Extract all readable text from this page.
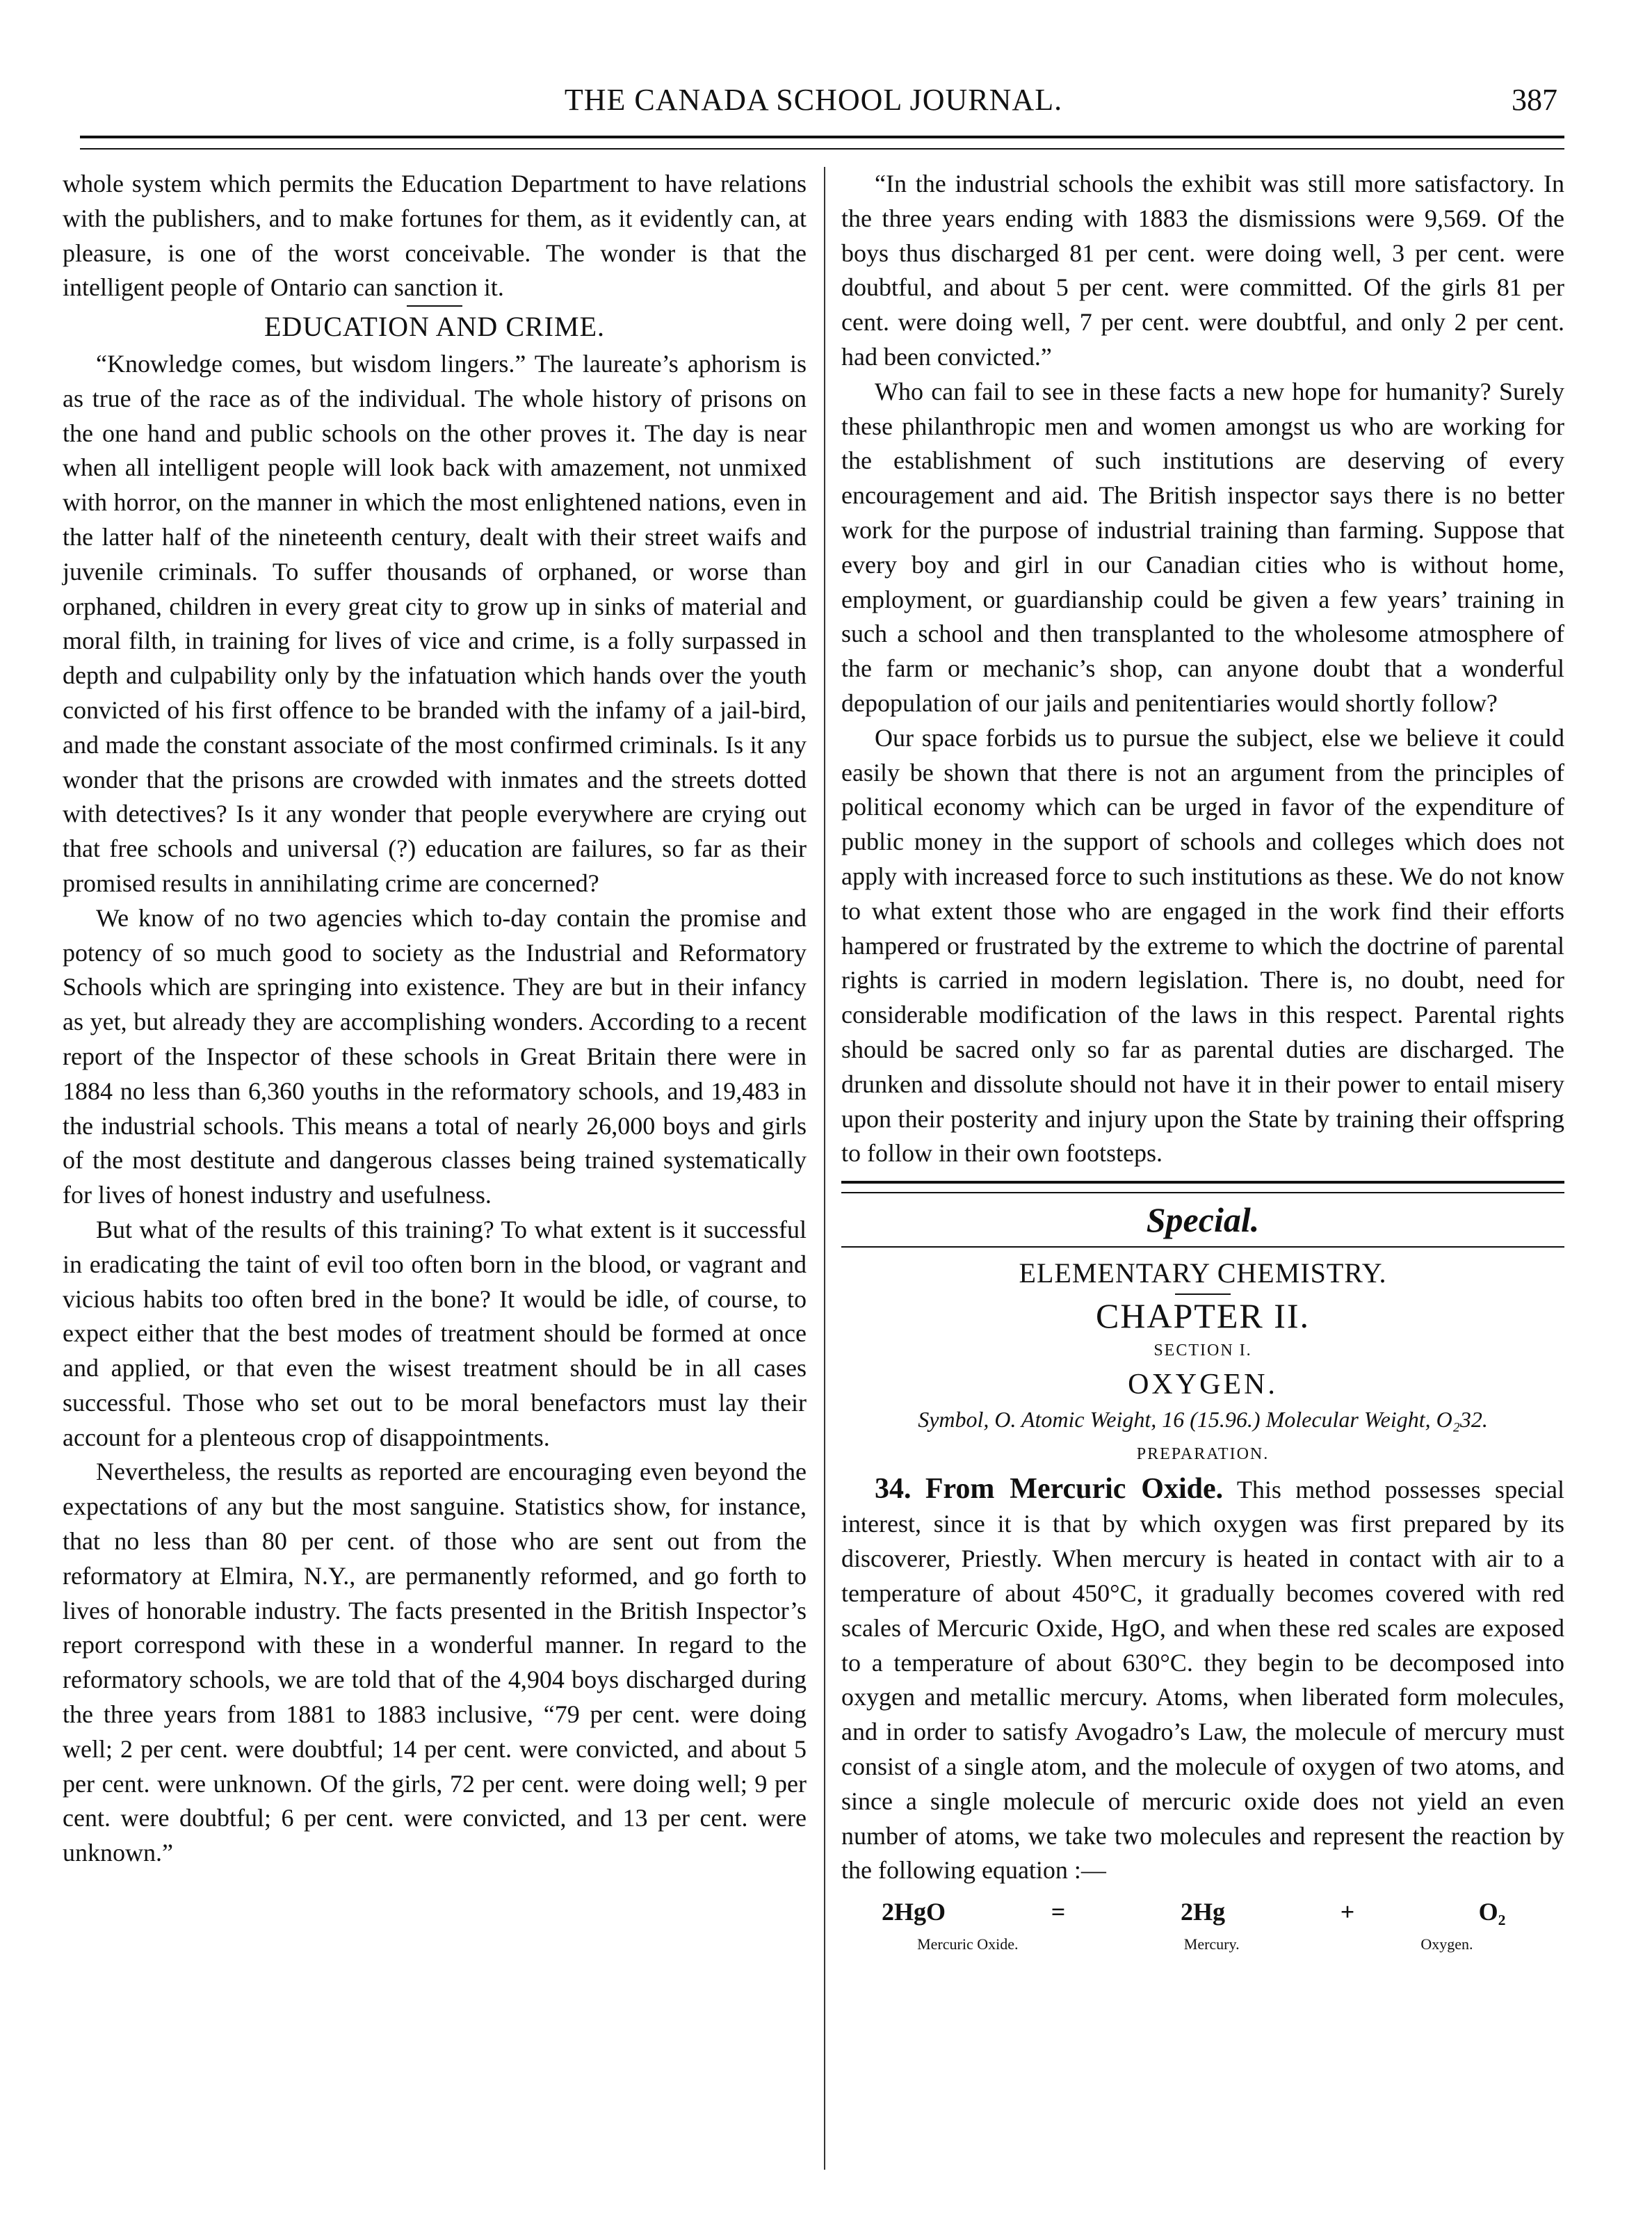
THE CANADA SCHOOL JOURNAL.	387

whole system which permits the Education Department to have relations with the publishers, and to make fortunes for them, as it evidently can, at pleasure, is one of the worst conceivable. The wonder is that the intelligent people of Ontario can sanction it.

EDUCATION AND CRIME.

“Knowledge comes, but wisdom lingers.” The laureate’s aphorism is as true of the race as of the individual. The whole history of prisons on the one hand and public schools on the other proves it. The day is near when all intelligent people will look back with amazement, not unmixed with horror, on the manner in which the most enlightened nations, even in the latter half of the nineteenth century, dealt with their street waifs and juvenile criminals. To suffer thousands of orphaned, or worse than orphaned, children in every great city to grow up in sinks of material and moral filth, in training for lives of vice and crime, is a folly surpassed in depth and culpability only by the infatuation which hands over the youth convicted of his first offence to be branded with the infamy of a jail-bird, and made the constant associate of the most confirmed criminals. Is it any wonder that the prisons are crowded with inmates and the streets dotted with detectives? Is it any wonder that people everywhere are crying out that free schools and universal (?) education are failures, so far as their promised results in annihilating crime are concerned?

We know of no two agencies which to-day contain the promise and potency of so much good to society as the Industrial and Reformatory Schools which are springing into existence. They are but in their infancy as yet, but already they are accomplishing wonders. According to a recent report of the Inspector of these schools in Great Britain there were in 1884 no less than 6,360 youths in the reformatory schools, and 19,483 in the industrial schools. This means a total of nearly 26,000 boys and girls of the most destitute and dangerous classes being trained systematically for lives of honest industry and usefulness.

But what of the results of this training? To what extent is it successful in eradicating the taint of evil too often born in the blood, or vagrant and vicious habits too often bred in the bone? It would be idle, of course, to expect either that the best modes of treatment should be formed at once and applied, or that even the wisest treatment should be in all cases successful. Those who set out to be moral benefactors must lay their account for a plenteous crop of disappointments.

Nevertheless, the results as reported are encouraging even beyond the expectations of any but the most sanguine. Statistics show, for instance, that no less than 80 per cent. of those who are sent out from the reformatory at Elmira, N.Y., are permanently reformed, and go forth to lives of honorable industry. The facts presented in the British Inspector’s report correspond with these in a wonderful manner. In regard to the reformatory schools, we are told that of the 4,904 boys discharged during the three years from 1881 to 1883 inclusive, “79 per cent. were doing well; 2 per cent. were doubtful; 14 per cent. were convicted, and about 5 per cent. were unknown. Of the girls, 72 per cent. were doing well; 9 per cent. were doubtful; 6 per cent. were convicted, and 13 per cent. were unknown.”

“In the industrial schools the exhibit was still more satisfactory. In the three years ending with 1883 the dismissions were 9,569. Of the boys thus discharged 81 per cent. were doing well, 3 per cent. were doubtful, and about 5 per cent. were committed. Of the girls 81 per cent. were doing well, 7 per cent. were doubtful, and only 2 per cent. had been convicted.”

Who can fail to see in these facts a new hope for humanity? Surely these philanthropic men and women amongst us who are working for the establishment of such institutions are deserving of every encouragement and aid. The British inspector says there is no better work for the purpose of industrial training than farming. Suppose that every boy and girl in our Canadian cities who is without home, employment, or guardianship could be given a few years’ training in such a school and then transplanted to the wholesome atmosphere of the farm or mechanic’s shop, can anyone doubt that a wonderful depopulation of our jails and penitentiaries would shortly follow?

Our space forbids us to pursue the subject, else we believe it could easily be shown that there is not an argument from the principles of political economy which can be urged in favor of the expenditure of public money in the support of schools and colleges which does not apply with increased force to such institutions as these. We do not know to what extent those who are engaged in the work find their efforts hampered or frustrated by the extreme to which the doctrine of parental rights is carried in modern legislation. There is, no doubt, need for considerable modification of the laws in this respect. Parental rights should be sacred only so far as parental duties are discharged. The drunken and dissolute should not have it in their power to entail misery upon their posterity and injury upon the State by training their offspring to follow in their own footsteps.

Special.
ELEMENTARY CHEMISTRY.
CHAPTER II.
SECTION I.
OXYGEN.
Symbol, O. Atomic Weight, 16 (15.96.) Molecular Weight, O₂32.
PREPARATION.

34. From Mercuric Oxide. This method possesses special interest, since it is that by which oxygen was first prepared by its discoverer, Priestly. When mercury is heated in contact with air to a temperature of about 450°C, it gradually becomes covered with red scales of Mercuric Oxide, HgO, and when these red scales are exposed to a temperature of about 630°C. they begin to be decomposed into oxygen and metallic mercury. Atoms, when liberated form molecules, and in order to satisfy Avogadro’s Law, the molecule of mercury must consist of a single atom, and the molecule of oxygen of two atoms, and since a single molecule of mercuric oxide does not yield an even number of atoms, we take two molecules and represent the reaction by the following equation :—

2HgO	=	2Hg	+	O₂
Mercuric Oxide.	Mercury.	Oxygen.
